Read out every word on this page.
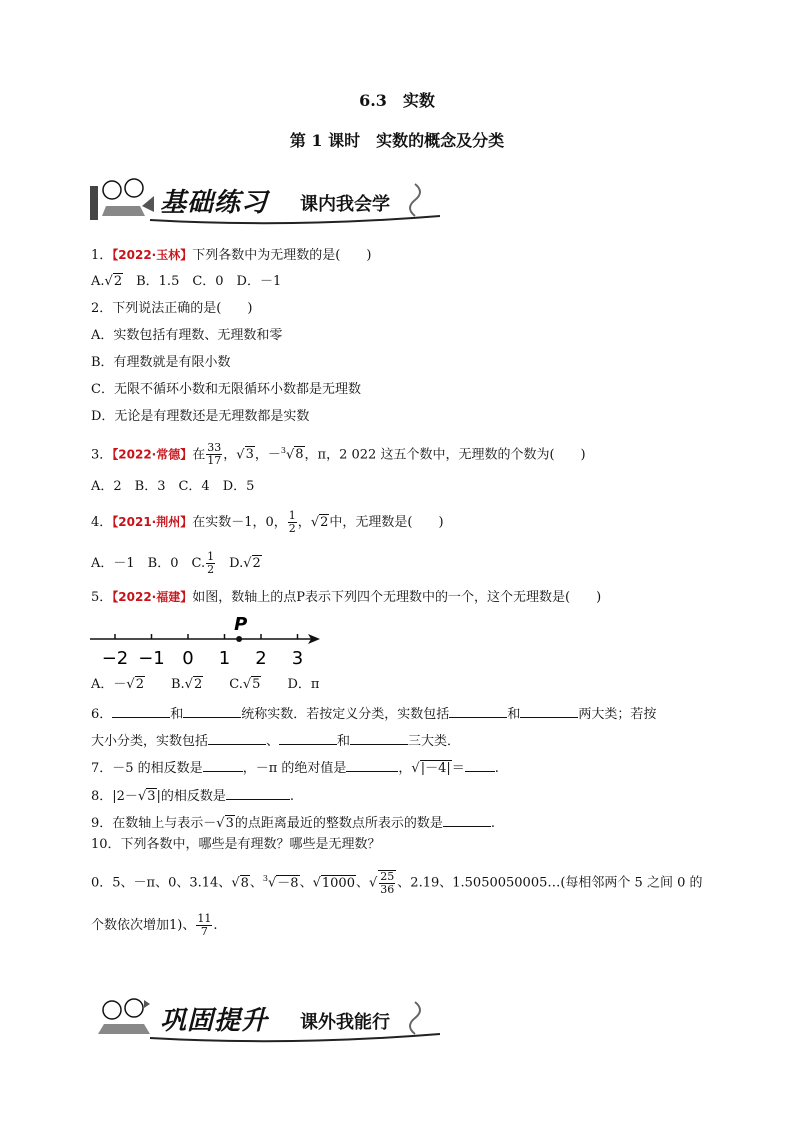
6.3　实数
第 1 课时　实数的概念及分类
基础练习 课内我会学
1．【2022·玉林】下列各数中为无理数的是(　　)
A.√2　B．1.5　C．0　D．－1
2．下列说法正确的是(　　)
A．实数包括有理数、无理数和零
B．有理数就是有限小数
C．无限不循环小数和无限循环小数都是无理数
D．无论是有理数还是无理数都是实数
3．【2022·常德】在 $\frac{33}{17}$ ，√3，－$^3$√8，π，2 022 这五个数中，无理数的个数为(　　)
A．2　B．3　C．4　D．5
4．【2021·荆州】在实数－1，0， $\frac{1}{2}$ ，√2中，无理数是(　　)
A．－1　B．0　C. $\frac{1}{2}$ 　D.√2
5．【2022·福建】如图，数轴上的点P表示下列四个无理数中的一个，这个无理数是(　　)
−2 −1 0 1 2 3
P
A．－√2　　B.√2　　C.√5　　D．π
6．	和	统称实数．若按定义分类，实数包括	和	两大类；若按
大小分类，实数包括	、	和	三大类．
7．－5 的相反数是	，－π 的绝对值是	，√|－4|＝ .
8．|2－√3|的相反数是	.
9．在数轴上与表示－√3的点距离最近的整数点所表示的数是	.
10．下列各数中，哪些是有理数？哪些是无理数？
0．5、－π、0、3.14、√8、$^3$√－8、√1000、√ $\frac{25}{36}$ 、2.19、1.5050050005…(每相邻两个 5 之间 0 的
个数依次增加1)、 $\frac{11}{7}$ .
巩固提升 课外我能行
